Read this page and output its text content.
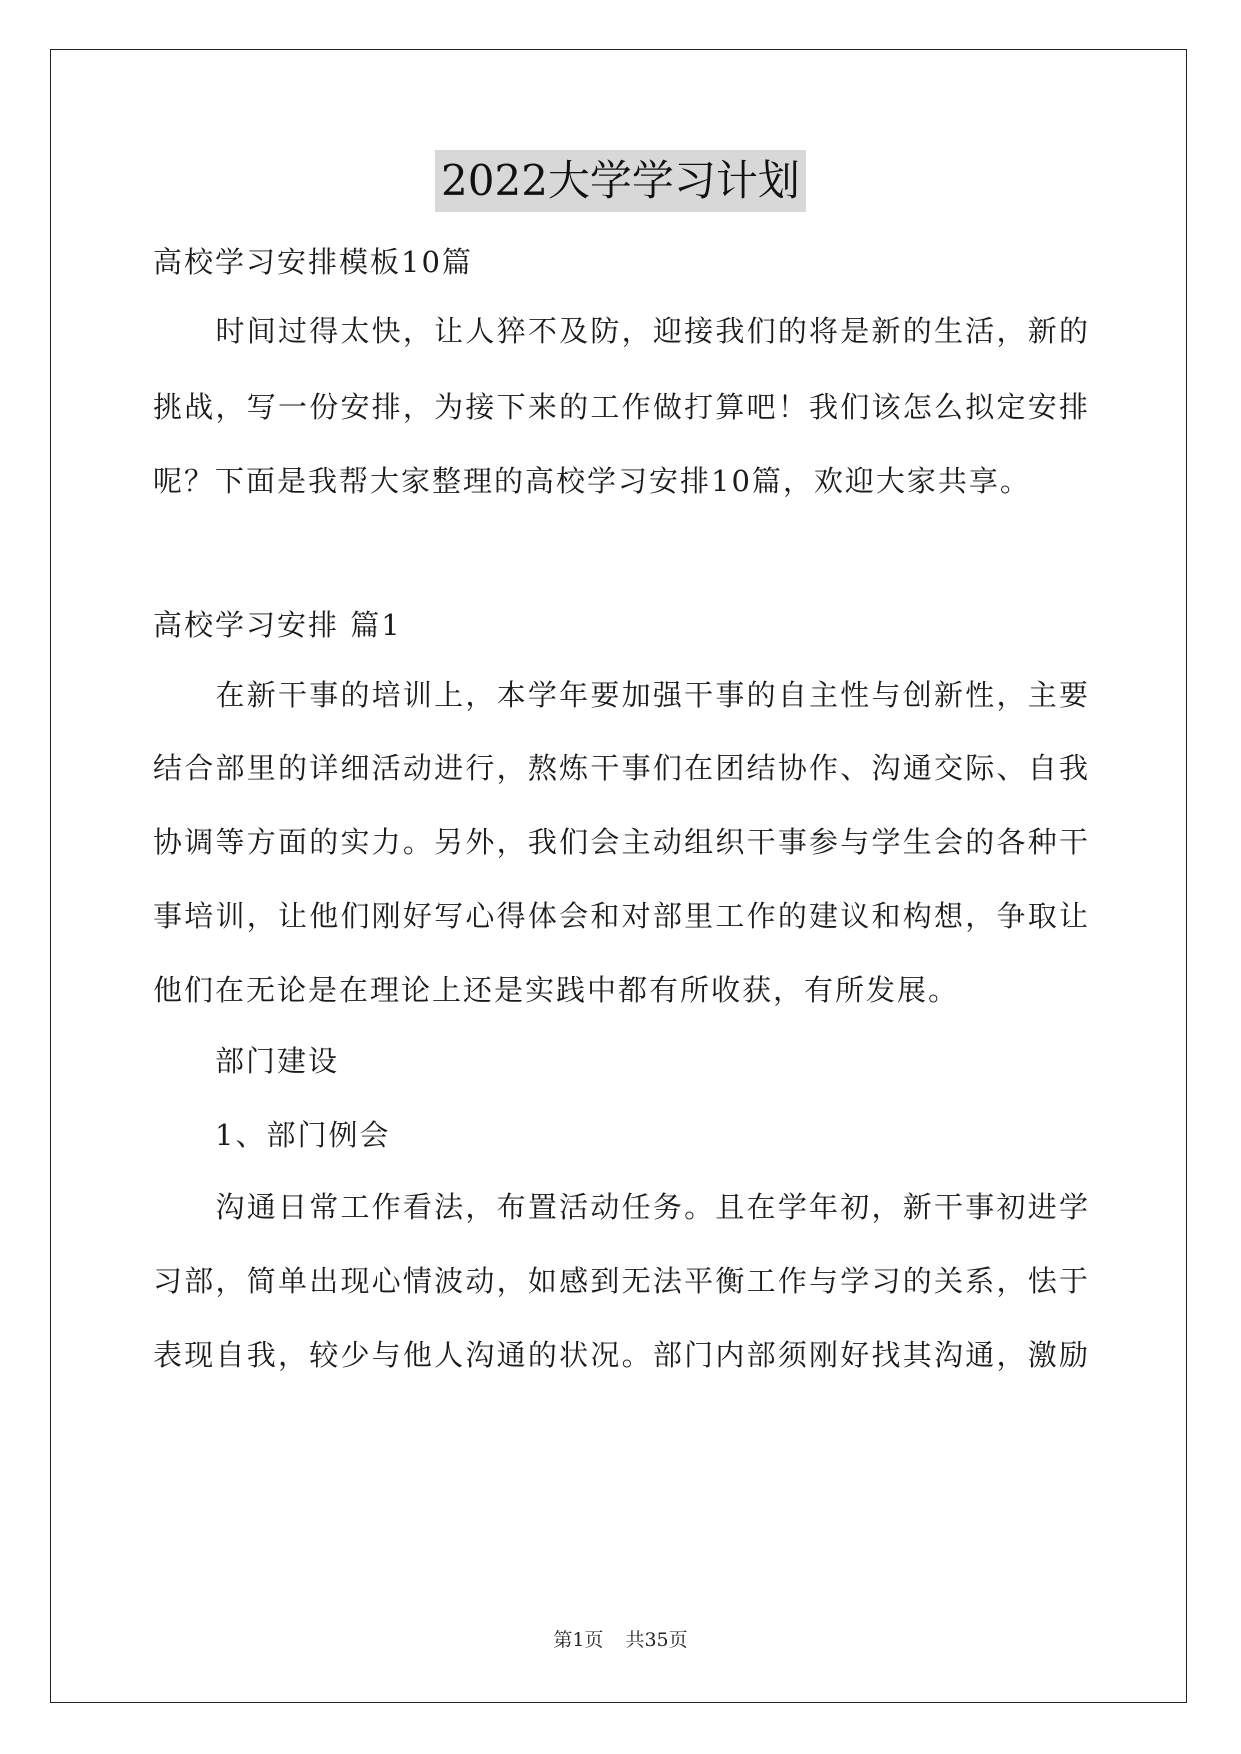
2022大学学习计划
高校学习安排模板10篇
　　时间过得太快，让人猝不及防，迎接我们的将是新的生活，新的
挑战，写一份安排，为接下来的工作做打算吧！我们该怎么拟定安排
呢？下面是我帮大家整理的高校学习安排10篇，欢迎大家共享。
高校学习安排 篇1
　　在新干事的培训上，本学年要加强干事的自主性与创新性，主要
结合部里的详细活动进行，熬炼干事们在团结协作、沟通交际、自我
协调等方面的实力。另外，我们会主动组织干事参与学生会的各种干
事培训，让他们刚好写心得体会和对部里工作的建议和构想，争取让
他们在无论是在理论上还是实践中都有所收获，有所发展。
　　部门建设
　　1、部门例会
　　沟通日常工作看法，布置活动任务。且在学年初，新干事初进学
习部，简单出现心情波动，如感到无法平衡工作与学习的关系，怯于
表现自我，较少与他人沟通的状况。部门内部须刚好找其沟通，激励
第1页 共35页
